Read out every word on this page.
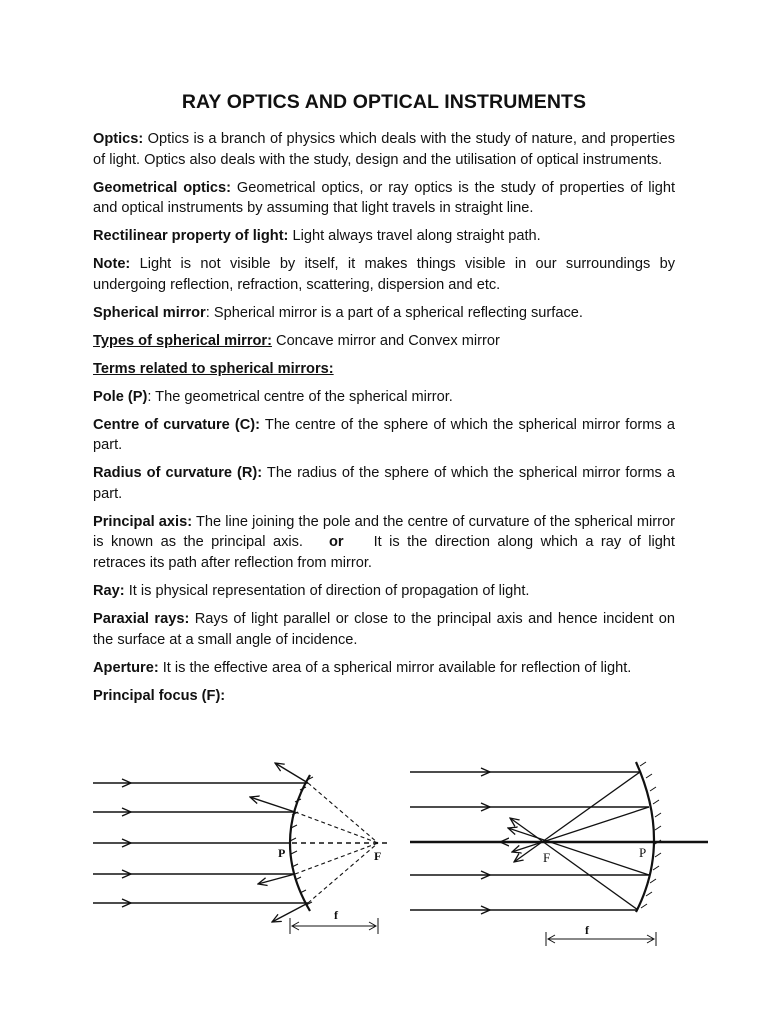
RAY OPTICS AND OPTICAL INSTRUMENTS

Optics: Optics is a branch of physics which deals with the study of nature, and properties of light. Optics also deals with the study, design and the utilisation of optical instruments.

Geometrical optics: Geometrical optics, or ray optics is the study of properties of light and optical instruments by assuming that light travels in straight line.

Rectilinear property of light: Light always travel along straight path.

Note: Light is not visible by itself, it makes things visible in our surroundings by undergoing reflection, refraction, scattering, dispersion and etc.

Spherical mirror: Spherical mirror is a part of a spherical reflecting surface.

Types of spherical mirror: Concave mirror and Convex mirror

Terms related to spherical mirrors:

Pole (P): The geometrical centre of the spherical mirror.

Centre of curvature (C): The centre of the sphere of which the spherical mirror forms a part.

Radius of curvature (R): The radius of the sphere of which the spherical mirror forms a part.

Principal axis: The line joining the pole and the centre of curvature of the spherical mirror is known as the principal axis. or It is the direction along which a ray of light retraces its path after reflection from mirror.

Ray: It is physical representation of direction of propagation of light.

Paraxial rays: Rays of light parallel or close to the principal axis and hence incident on the surface at a small angle of incidence.

Aperture: It is the effective area of a spherical mirror available for reflection of light.

Principal focus (F):

P	F
f
F	P
f
